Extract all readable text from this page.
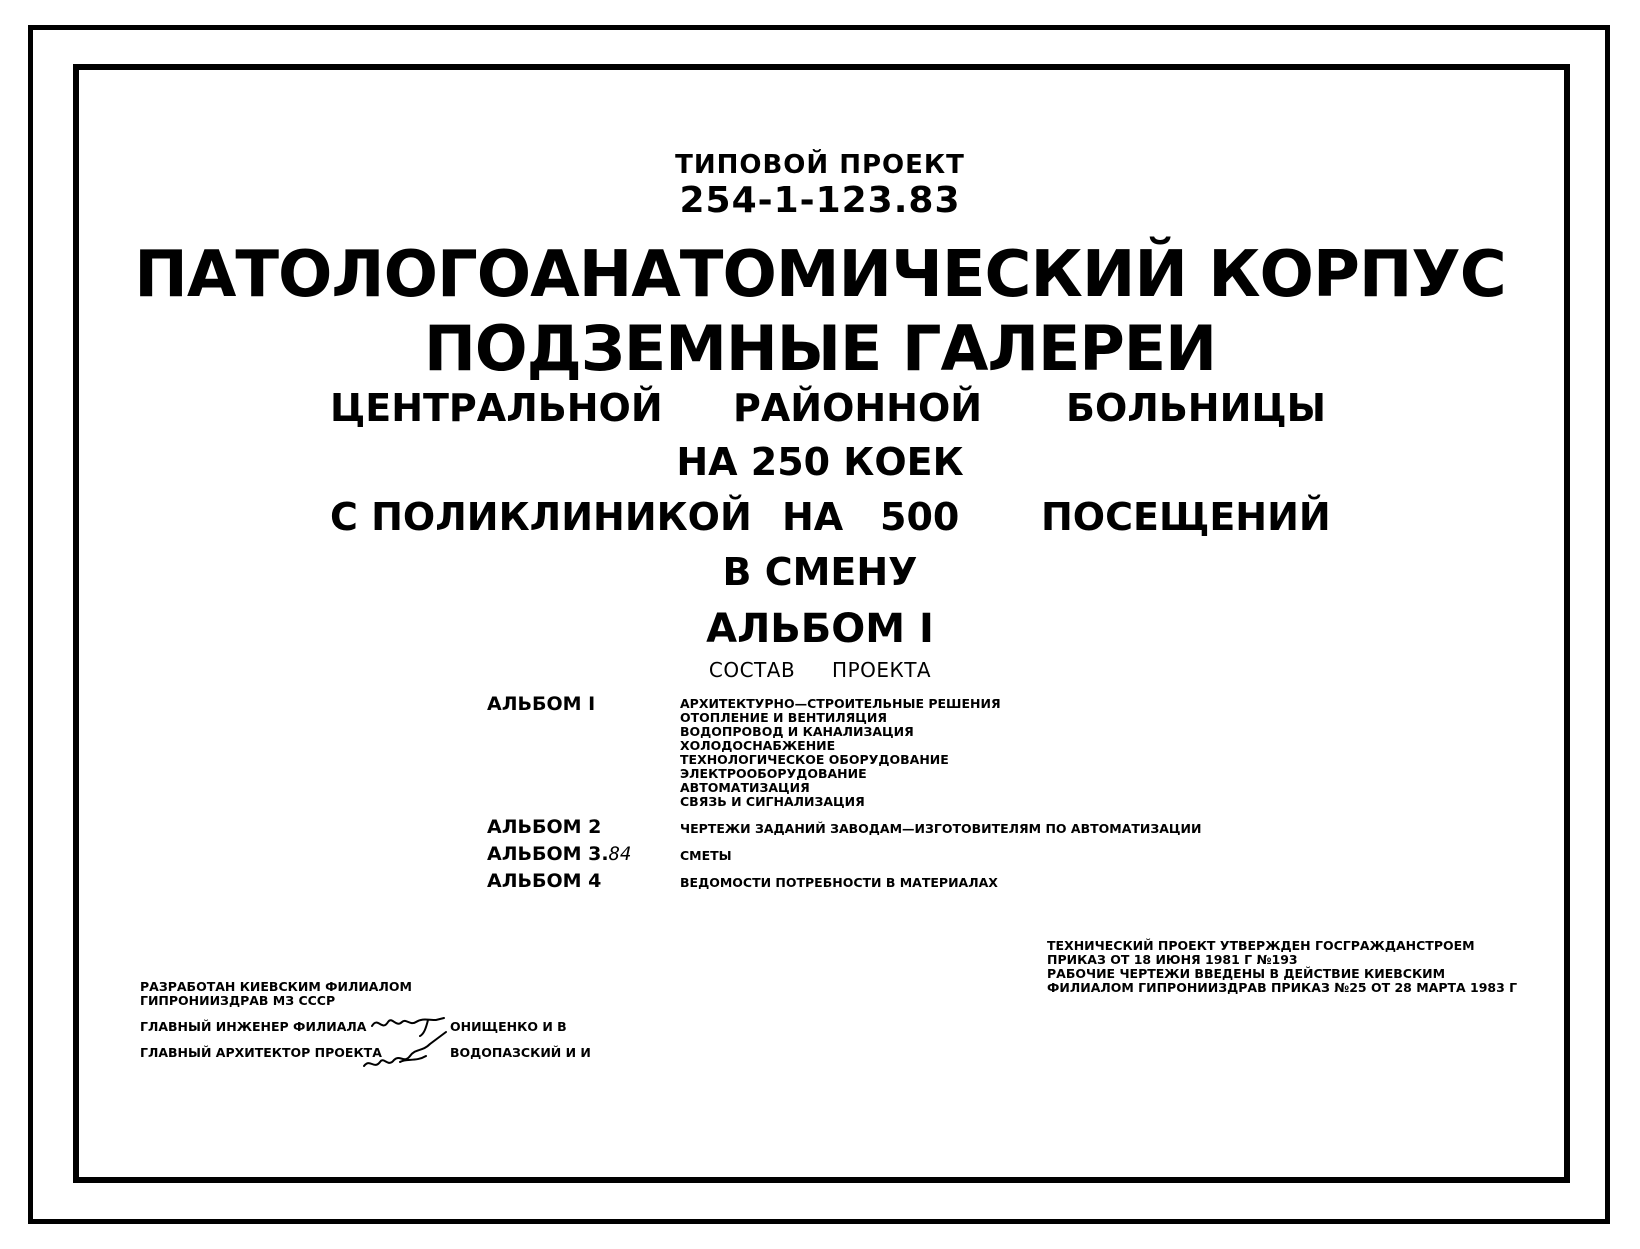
ТИПОВОЙ ПРОЕКТ
254-1-123.83
ПАТОЛОГОАНАТОМИЧЕСКИЙ КОРПУС
ПОДЗЕМНЫЕ ГАЛЕРЕИ
ЦЕНТРАЛЬНОЙ РАЙОННОЙ БОЛЬНИЦЫ
НА 250 КОЕК
С ПОЛИКЛИНИКОЙ НА 500 ПОСЕЩЕНИЙ
В СМЕНУ
АЛЬБОМ I
СОСТАВ ПРОЕКТА
АЛЬБОМ I	АРХИТЕКТУРНО—СТРОИТЕЛЬНЫЕ РЕШЕНИЯ
ОТОПЛЕНИЕ И ВЕНТИЛЯЦИЯ
ВОДОПРОВОД И КАНАЛИЗАЦИЯ
ХОЛОДОСНАБЖЕНИЕ
ТЕХНОЛОГИЧЕСКОЕ ОБОРУДОВАНИЕ
ЭЛЕКТРООБОРУДОВАНИЕ
АВТОМАТИЗАЦИЯ
СВЯЗЬ И СИГНАЛИЗАЦИЯ
АЛЬБОМ 2	ЧЕРТЕЖИ ЗАДАНИЙ ЗАВОДАМ—ИЗГОТОВИТЕЛЯМ ПО АВТОМАТИЗАЦИИ
АЛЬБОМ 3.84	СМЕТЫ
АЛЬБОМ 4	ВЕДОМОСТИ ПОТРЕБНОСТИ В МАТЕРИАЛАХ
ТЕХНИЧЕСКИЙ ПРОЕКТ УТВЕРЖДЕН ГОСГРАЖДАНСТРОЕМ
ПРИКАЗ ОТ 18 ИЮНЯ 1981 Г №193
РАБОЧИЕ ЧЕРТЕЖИ ВВЕДЕНЫ В ДЕЙСТВИЕ КИЕВСКИМ
ФИЛИАЛОМ ГИПРОНИИЗДРАВ ПРИКАЗ №25 ОТ 28 МАРТА 1983 Г
РАЗРАБОТАН КИЕВСКИМ ФИЛИАЛОМ
ГИПРОНИИЗДРАВ МЗ СССР
ГЛАВНЫЙ ИНЖЕНЕР ФИЛИАЛА	ОНИЩЕНКО И В
ГЛАВНЫЙ АРХИТЕКТОР ПРОЕКТА	ВОДОПАЗСКИЙ И И
